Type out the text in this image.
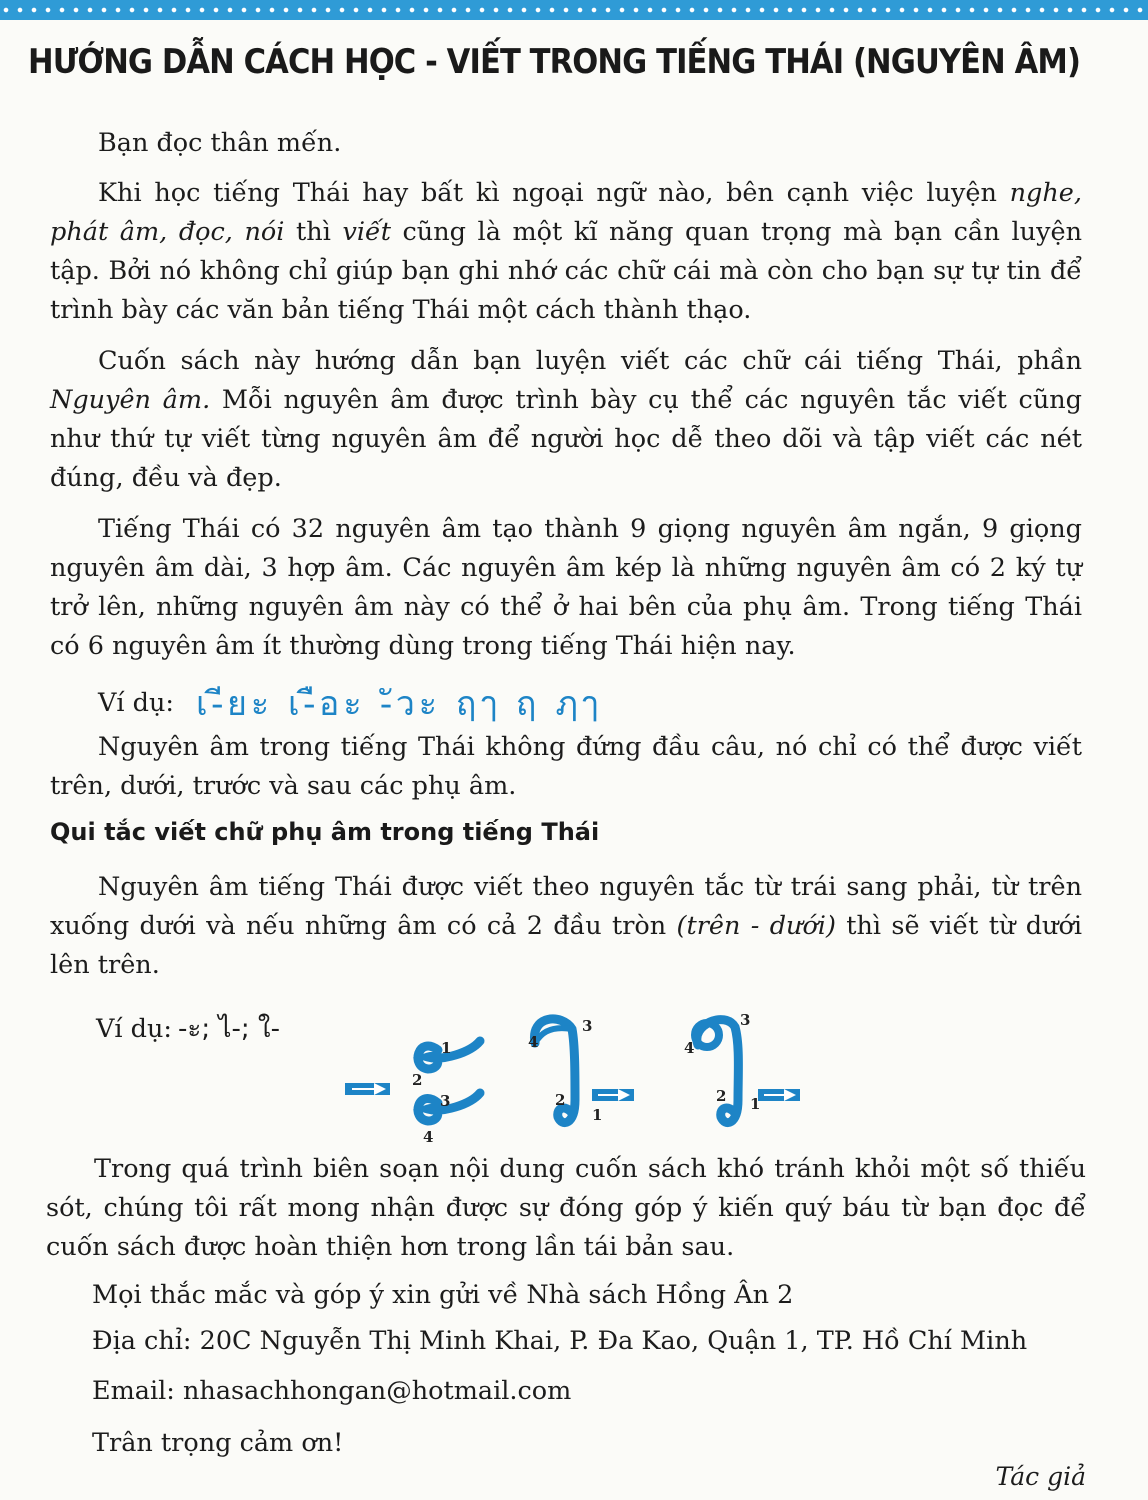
HƯỚNG DẪN CÁCH HỌC - VIẾT TRONG TIẾNG THÁI (NGUYÊN ÂM)
Bạn đọc thân mến.
Khi học tiếng Thái hay bất kì ngoại ngữ nào, bên cạnh việc luyện nghe, phát âm, đọc, nói thì viết cũng là một kĩ năng quan trọng mà bạn cần luyện tập. Bởi nó không chỉ giúp bạn ghi nhớ các chữ cái mà còn cho bạn sự tự tin để trình bày các văn bản tiếng Thái một cách thành thạo.
Cuốn sách này hướng dẫn bạn luyện viết các chữ cái tiếng Thái, phần Nguyên âm. Mỗi nguyên âm được trình bày cụ thể các nguyên tắc viết cũng như thứ tự viết từng nguyên âm để người học dễ theo dõi và tập viết các nét đúng, đều và đẹp.
Tiếng Thái có 32 nguyên âm tạo thành 9 giọng nguyên âm ngắn, 9 giọng nguyên âm dài, 3 hợp âm. Các nguyên âm kép là những nguyên âm có 2 ký tự trở lên, những nguyên âm này có thể ở hai bên của phụ âm. Trong tiếng Thái có 6 nguyên âm ít thường dùng trong tiếng Thái hiện nay.
Ví dụ: เ-ียะ เ-ือะ -ัวะ ฤๅ ฤ ฦๅ
Nguyên âm trong tiếng Thái không đứng đầu câu, nó chỉ có thể được viết trên, dưới, trước và sau các phụ âm.
Qui tắc viết chữ phụ âm trong tiếng Thái
Nguyên âm tiếng Thái được viết theo nguyên tắc từ trái sang phải, từ trên xuống dưới và nếu những âm có cả 2 đầu tròn (trên - dưới) thì sẽ viết từ dưới lên trên.
Ví dụ: -ะ; ไ-; ใ-
1
2
3
4
3
4
2
1
3
4
2 1
Trong quá trình biên soạn nội dung cuốn sách khó tránh khỏi một số thiếu sót, chúng tôi rất mong nhận được sự đóng góp ý kiến quý báu từ bạn đọc để cuốn sách được hoàn thiện hơn trong lần tái bản sau.
Mọi thắc mắc và góp ý xin gửi về Nhà sách Hồng Ân 2
Địa chỉ: 20C Nguyễn Thị Minh Khai, P. Đa Kao, Quận 1, TP. Hồ Chí Minh
Email: nhasachhongan@hotmail.com
Trân trọng cảm ơn!
Tác giả
